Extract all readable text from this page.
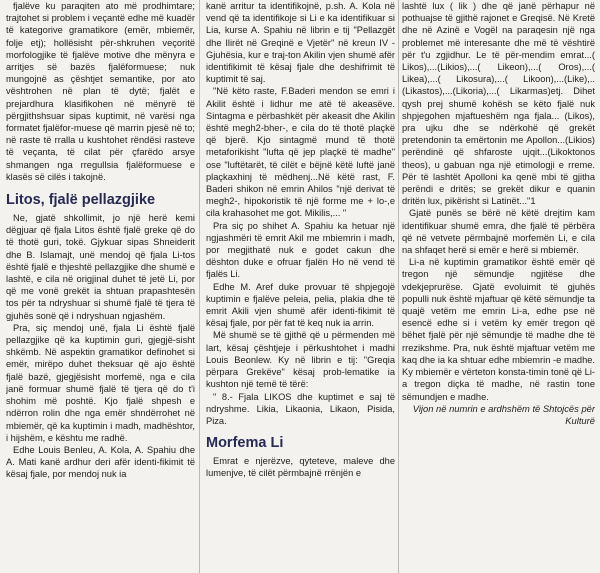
fjalëve ku paraqiten ato më prodhimtare; trajtohet si problem i veçantë edhe më kuadër të kategorive gramatikore (emër, mbiemër, folje etj); hollësisht për-shkruhen veçoritë morfologjike të fjalëve motive dhe mënyra e arritjes së bazës fjalëformuese; nuk mungojnë as çështjet semantike, por ato vështrohen në plan të dytë; fjalët e prejardhura klasifikohen në mënyrë të përgjithshsuar sipas kuptimit, në varësi nga formatet fjalëfor-muese që marrin pjesë në to; në raste të rralla u kushtohet rëndësi rasteve të veçanta, të cilat për çfarëdo arsye shmangen nga rregullsia fjalëformuese e klasës së cilës i takojnë.

Litos, fjalë pellazgjike

Ne, gjatë shkollimit, jo një herë kemi dëgjuar që fjala Litos është fjalë greke që do të thotë guri, tokë. Gjykuar sipas Shneiderit dhe B. Islamajt, unë mendoj që fjala Li-tos është fjalë e thjeshtë pellazgjike dhe shumë e lashtë, e cila në origjinal duhet të jetë Li, por që me vonë grekët ia shtuan prapashtesën tos për ta ndryshuar si shumë fjalë të tjera të gjuhës sonë që i ndryshuan ngjashëm.

Pra, siç mendoj unë, fjala Li është fjalë pellazgjike që ka kuptimin guri, gjegjë-sisht shkëmb. Në aspektin gramatikor definohet si emër, mirëpo duhet theksuar që ajo është fjalë bazë, gjegjësisht morfemë, nga e cila janë formuar shumë fjalë të tjera që do t'i shohim më poshtë. Kjo fjalë shpesh e ndërron rolin dhe nga emër shndërrohet në mbiemër, që ka kuptimin i madh, madhështor, i hijshëm, e kështu me radhë.

Edhe Louis Benleu, A. Kola, A. Spahiu dhe A. Mati kanë ardhur deri afër identi-fikimit të kësaj fjale, por mendoj nuk ia

kanë arritur ta identifikojnë, p.sh. A. Kola në vend që ta identifikoje si Li e ka identifikuar si Lia, kurse A. Spahiu në librin e tij "Pellazgët dhe Ilirët në Greqinë e Vjetër" në kreun IV - Gjuhësia, kur e traj-ton Akilin vjen shumë afër identifikimit të kësaj fjale dhe deshifrimit të kuptimit të saj.

"Në këto raste, F.Baderi mendon se emri i Akilit është i lidhur me atë të akeasëve. Sintagma e përbashkët për akeasit dhe Akilin është megh2-bher-, e cila do të thotë plaçkë që bjerë. Kjo sintagmë mund të thotë metaforikisht "lufta që jep plaçkë të madhe" ose "luftëtarët, të cilët e bëjnë këtë luftë janë plaçkaxhinj të mëdhenj...Në këtë rast, F. Baderi shikon në emrin Ahilos "një derivat të megh2-, hipokoristik të një forme me + lo-,e cila krahasohet me got. Mikilis,... "

Pra siç po shihet A. Spahiu ka hetuar një ngjashmëri të emrit Akil me mbiemrin i madh, por megjithatë nuk e godet cakun dhe dështon duke e ofruar fjalën Ho në vend të fjalës Li.

Edhe M. Aref duke provuar të shpjegojë kuptimin e fjalëve peleia, pelia, plakia dhe të emrit Akili vjen shumë afër identi-fikimit të kësaj fjale, por për fat të keq nuk ia arrin.

Më shumë se të gjithë që u përmenden më lart, kësaj çështjeje i përkushtohet i madhi Louis Beonlew. Ky në librin e tij: "Greqia përpara Grekëve" kësaj prob-lematike ia kushton një temë të tërë:

" 8.- Fjala LIKOS dhe kuptimet e saj të ndryshme. Likia, Likaonia, Likaon, Pisida, Piza.

Morfema Li

Emrat e njerëzve, qyteteve, maleve dhe lumenjve, të cilët përmbajnë rrënjën e

lashtë lux ( lik ) dhe që janë përhapur në pothuajse të gjithë rajonet e Greqisë. Në Kretë dhe në Azinë e Vogël na paraqesin një nga problemet më interesante dhe më të vështirë për t'u zgjidhur. Le të për-mendim emrat...( Likos),...(Likios),...( Likeon),...( Oros),...( Likea),...( Likosura),...( Likoon),...(Like),..(Likastos),...(Likoria),...( Likarmas)etj. Dihet qysh prej shumë kohësh se këto fjalë nuk shpjegohen mjaftueshëm nga fjala... (Likos), pra ujku dhe se ndërkohë që grekët pretendonin ta emërtonin me Apollon...(Likios) perëndinë që shfaroste ujqit...(Likoktonos theos), u gabuan nga një etimologji e rreme. Për të lashtët Apolloni ka qenë mbi të gjitha perëndi e dritës; se grekët dikur e quanin dritën lux, pikërisht si Latinët..."1

Gjatë punës se bërë në këtë drejtim kam identifikuar shumë emra, dhe fjalë të përbëra që në vetvete përmbajnë morfemën Li, e cila na shfaqet herë si emër e herë si mbiemër.

Li-a në kuptimin gramatikor është emër që tregon një sëmundje ngjitëse dhe vdekjeprurëse. Gjatë evoluimit të gjuhës populli nuk është mjaftuar që këtë sëmundje ta quajë vetëm me emrin Li-a, edhe pse në esencë edhe si i vetëm ky emër tregon që bëhet fjalë për një sëmundje të madhe dhe të rrezikshme. Pra, nuk është mjaftuar vetëm me kaq dhe ia ka shtuar edhe mbiemrin -e madhe. Ky mbiemër e vërteton konsta-timin tonë që Li-a tregon diçka të madhe, në rastin tone sëmundjen e madhe.

Vijon në numrin e ardhshëm të Shtojcës për Kulturë
